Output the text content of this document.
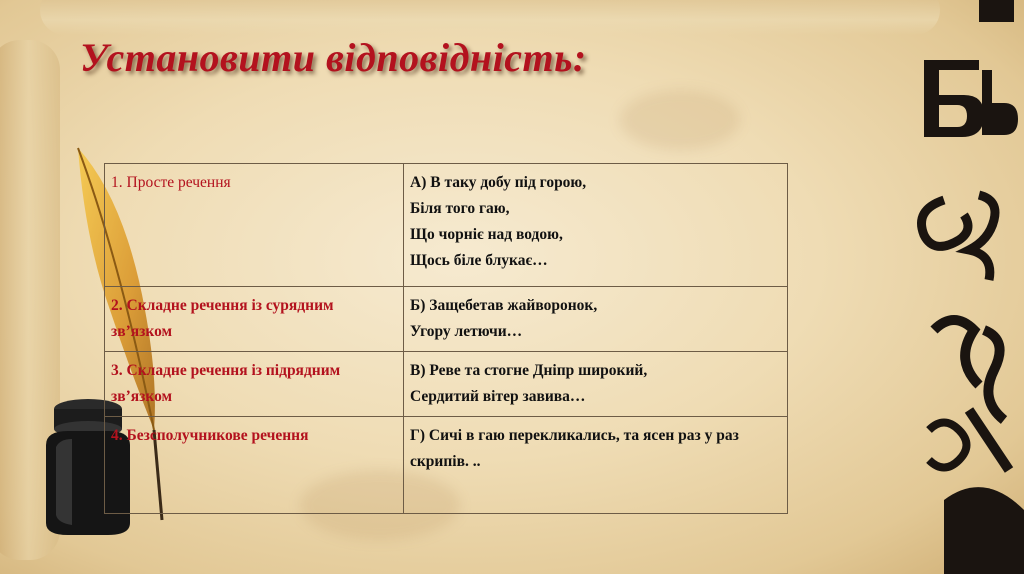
Установити відповідність:
1. Просте речення	А) В таку добу під горою,
Біля того гаю,
Що чорніє над водою,
Щось біле блукає…

2. Складне речення із сурядним зв’язком	Б) Защебетав жайворонок,
Угору летючи…

3. Складне речення із підрядним зв’язком	В) Реве та стогне Дніпр широкий,
Сердитий вітер завива…

4. Безсполучникове речення	Г) Сичі в гаю перекликались, та ясен раз у раз скрипів. ..
